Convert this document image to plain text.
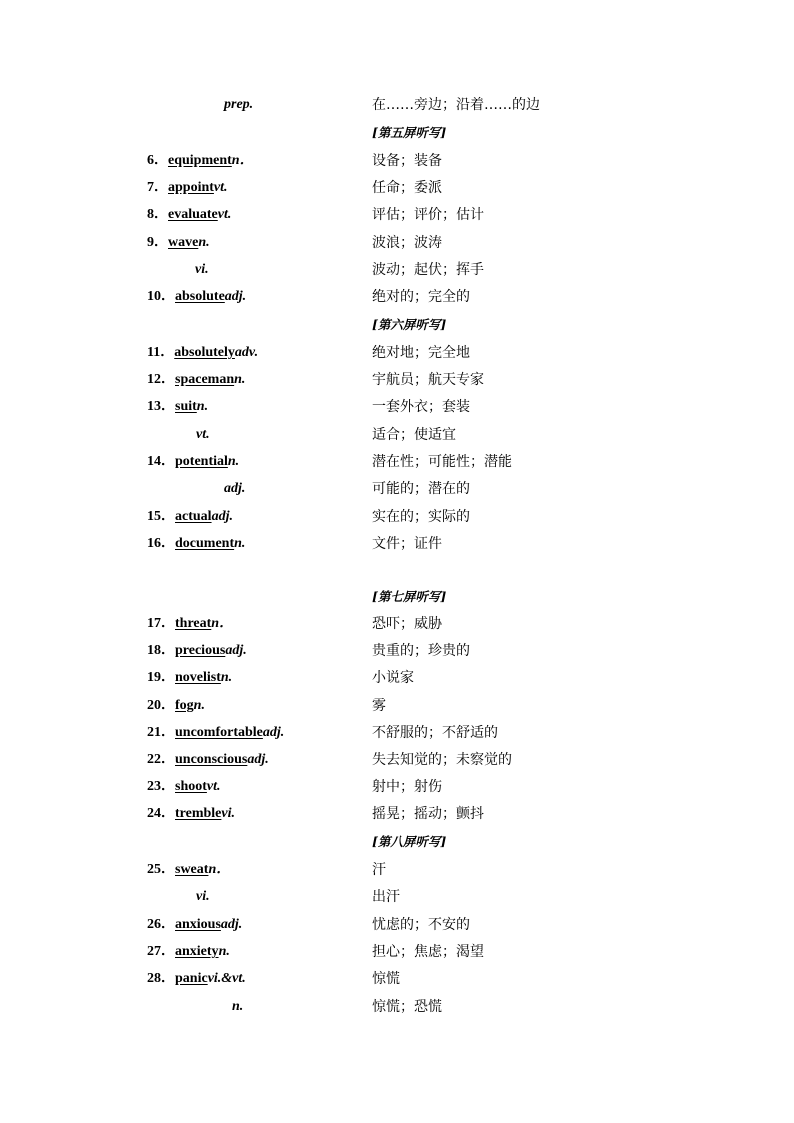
prep.	在……旁边；沿着……的边
[第五屏听写]
6．equipmentn．	设备；装备
7．appointvt.	任命；委派
8．evaluatevt.	评估；评价；估计
9．waven.	波浪；波涛
vi.	波动；起伏；挥手
10．absoluteadj.	绝对的；完全的
[第六屏听写]
11．absolutelyadv.	绝对地；完全地
12．spacemann.	宇航员；航天专家
13．suitn.	一套外衣；套装
vt.	适合；使适宜
14．potentialn.	潜在性；可能性；潜能
adj.	可能的；潜在的
15．actualadj.	实在的；实际的
16．documentn.	文件；证件
[第七屏听写]
17．threatn．	恐吓；威胁
18．preciousadj.	贵重的；珍贵的
19．novelistn.	小说家
20．fogn.	雾
21．uncomfortableadj.	不舒服的；不舒适的
22．unconsciousadj.	失去知觉的；未察觉的
23．shootvt.	射中；射伤
24．tremblevi.	摇晃；摇动；颤抖
[第八屏听写]
25．sweatn．	汗
vi.	出汗
26．anxiousadj.	忧虑的；不安的
27．anxietyn.	担心；焦虑；渴望
28．panicvi.&vt.	惊慌
n.	惊慌；恐慌
